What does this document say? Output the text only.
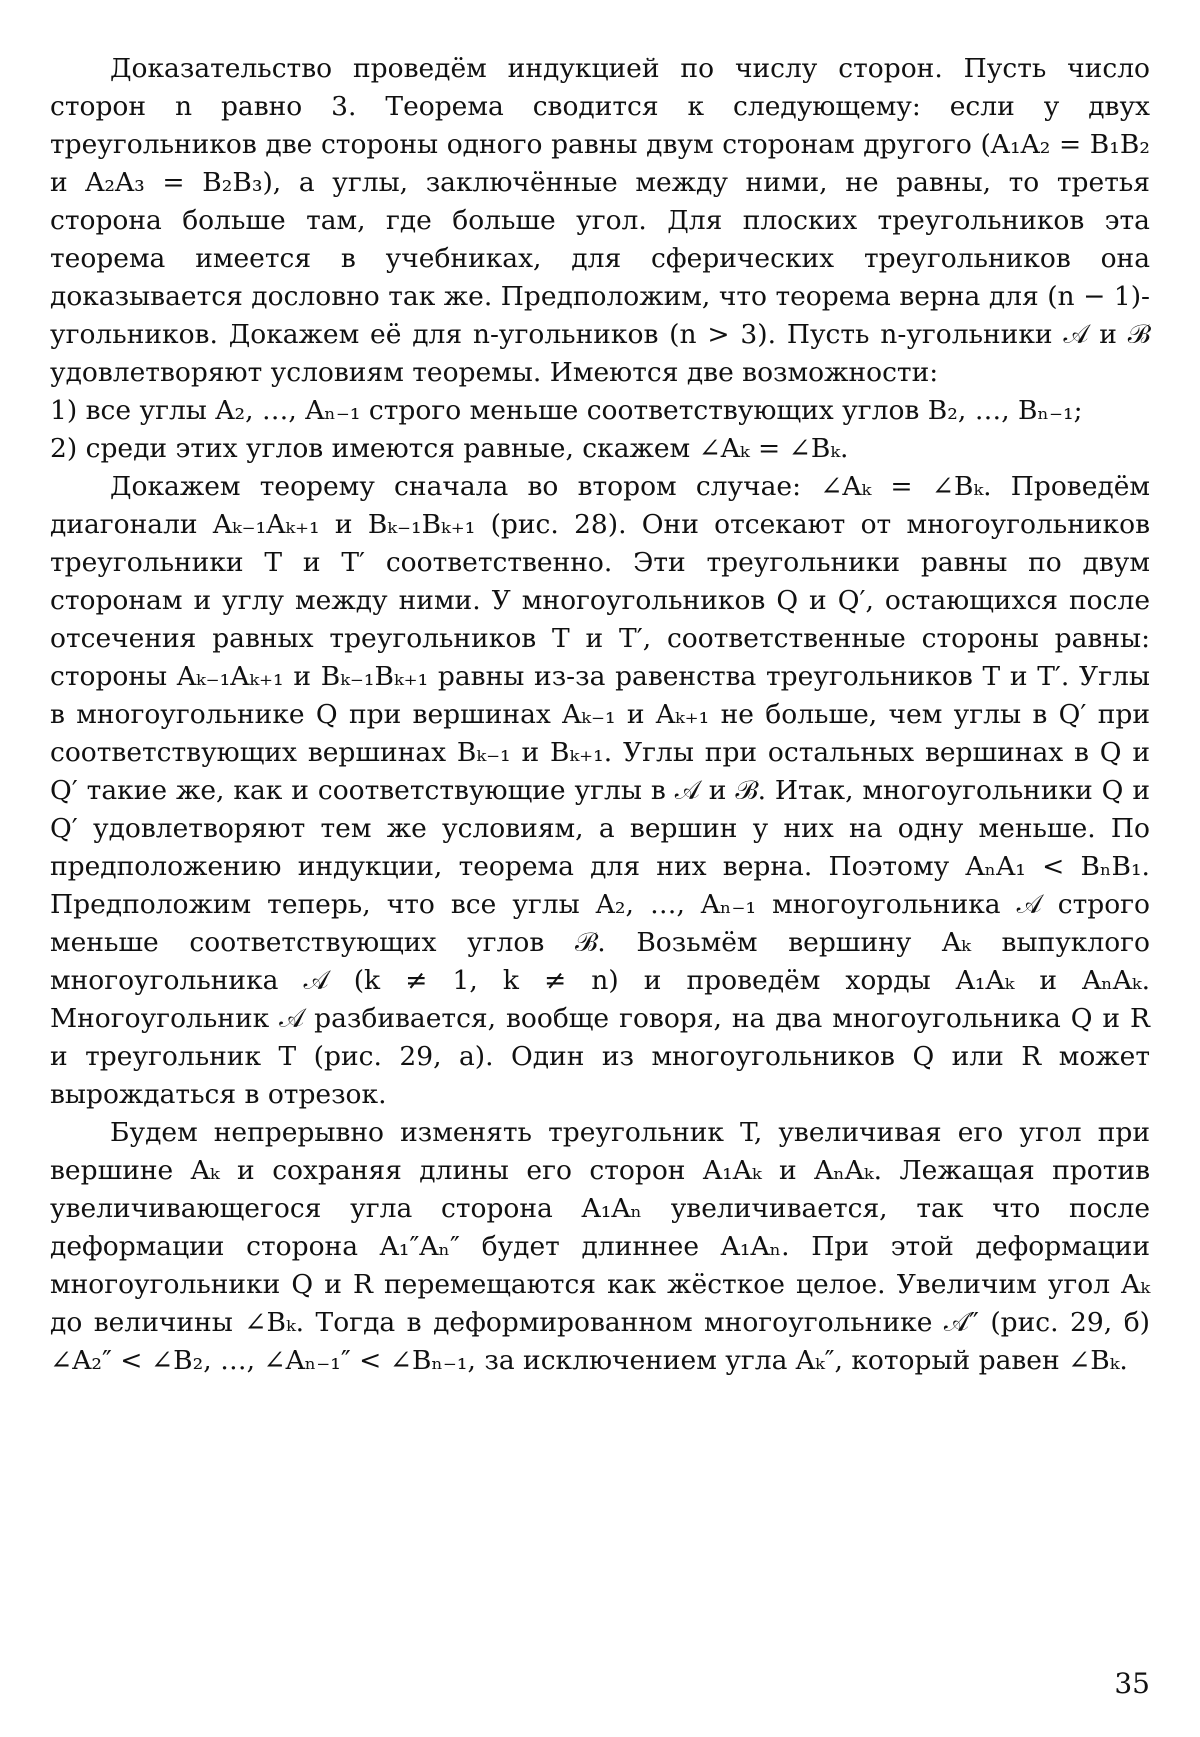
Доказательство проведём индукцией по числу сторон. Пусть число сторон n равно 3. Теорема сводится к следующему: если у двух треугольников две стороны одного равны двум сторонам другого (A₁A₂ = B₁B₂ и A₂A₃ = B₂B₃), а углы, заключённые между ними, не равны, то третья сторона больше там, где больше угол. Для плоских треугольников эта теорема имеется в учебниках, для сферических треугольников она доказывается дословно так же. Предположим, что теорема верна для (n − 1)-угольников. Докажем её для n-угольников (n > 3). Пусть n-угольники 𝒜 и ℬ удовлетворяют условиям теоремы. Имеются две возможности:

1) все углы A₂, …, Aₙ₋₁ строго меньше соответствующих углов B₂, …, Bₙ₋₁;

2) среди этих углов имеются равные, скажем ∠Aₖ = ∠Bₖ.

Докажем теорему сначала во втором случае: ∠Aₖ = ∠Bₖ. Проведём диагонали Aₖ₋₁Aₖ₊₁ и Bₖ₋₁Bₖ₊₁ (рис. 28). Они отсекают от многоугольников треугольники T и T′ соответственно. Эти треугольники равны по двум сторонам и углу между ними. У многоугольников Q и Q′, остающихся после отсечения равных треугольников T и T′, соответственные стороны равны: стороны Aₖ₋₁Aₖ₊₁ и Bₖ₋₁Bₖ₊₁ равны из-за равенства треугольников T и T′. Углы в многоугольнике Q при вершинах Aₖ₋₁ и Aₖ₊₁ не больше, чем углы в Q′ при соответствующих вершинах Bₖ₋₁ и Bₖ₊₁. Углы при остальных вершинах в Q и Q′ такие же, как и соответствующие углы в 𝒜 и ℬ. Итак, многоугольники Q и Q′ удовлетворяют тем же условиям, а вершин у них на одну меньше. По предположению индукции, теорема для них верна. Поэтому AₙA₁ < BₙB₁. Предположим теперь, что все углы A₂, …, Aₙ₋₁ многоугольника 𝒜 строго меньше соответствующих углов ℬ. Возьмём вершину Aₖ выпуклого многоугольника 𝒜 (k ≠ 1, k ≠ n) и проведём хорды A₁Aₖ и AₙAₖ. Многоугольник 𝒜 разбивается, вообще говоря, на два многоугольника Q и R и треугольник T (рис. 29, а). Один из многоугольников Q или R может вырождаться в отрезок.

Будем непрерывно изменять треугольник T, увеличивая его угол при вершине Aₖ и сохраняя длины его сторон A₁Aₖ и AₙAₖ. Лежащая против увеличивающегося угла сторона A₁Aₙ увеличивается, так что после деформации сторона A₁″Aₙ″ будет длиннее A₁Aₙ. При этой деформации многоугольники Q и R перемещаются как жёсткое целое. Увеличим угол Aₖ до величины ∠Bₖ. Тогда в деформированном многоугольнике 𝒜″ (рис. 29, б) ∠A₂″ < ∠B₂, …, ∠Aₙ₋₁″ < ∠Bₙ₋₁, за исключением угла Aₖ″, который равен ∠Bₖ.

35
